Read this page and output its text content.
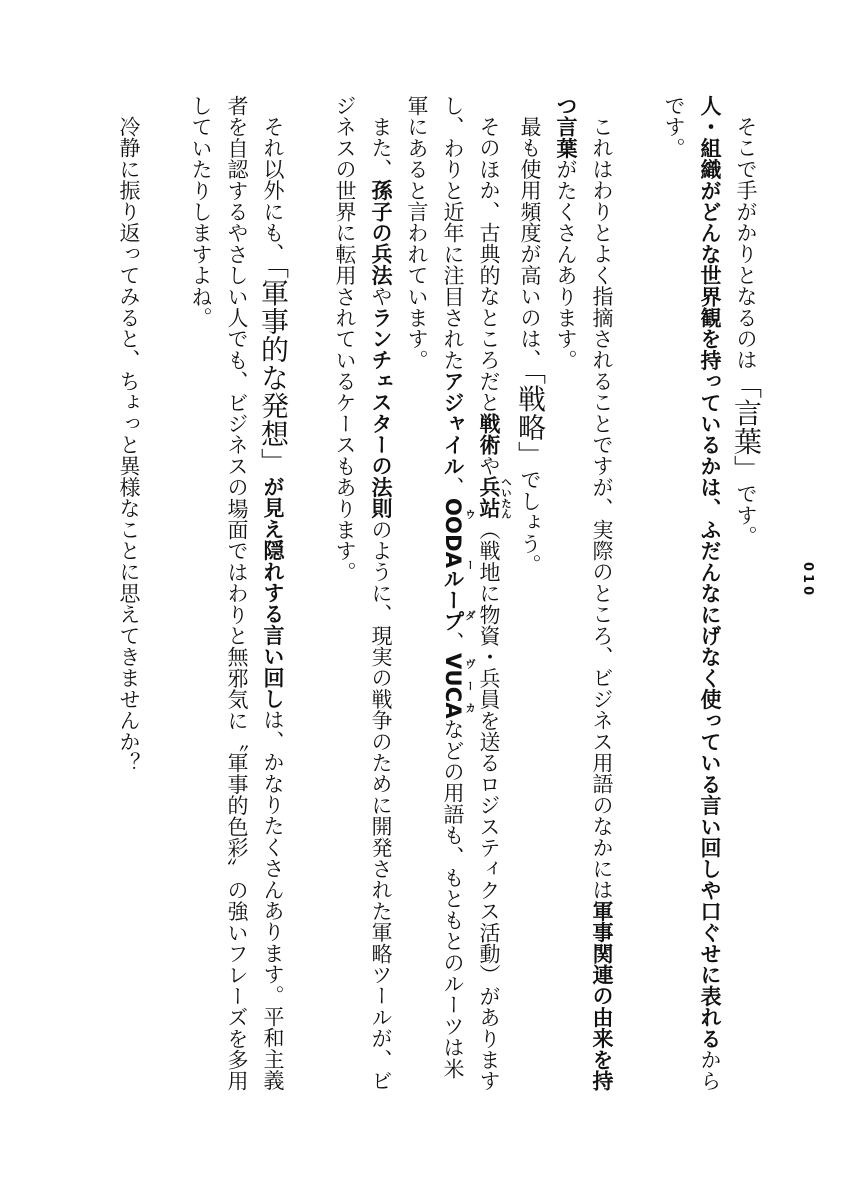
010

そこで手がかりとなるのは「言葉」です。
人・組織がどんな世界観を持っているかは、ふだんなにげなく使っている言い回しや口ぐせに表れるからです。

これはわりとよく指摘されることですが、実際のところ、ビジネス用語のなかには軍事関連の由来を持つ言葉がたくさんあります。

最も使用頻度が高いのは、「戦略」でしょう。

そのほか、古典的なところだと戦術や兵站 へいたん（戦地に物資・兵員を送るロジスティクス活動）がありますし、わりと近年に注目されたアジャイル、OODAループ ウーダ、VUCA ヴーカなどの用語も、もともとのルーツは米軍にあると言われています。

また、孫子の兵法やランチェスターの法則のように、現実の戦争のために開発された軍略ツールが、ビジネスの世界に転用されているケースもあります。

それ以外にも、「軍事的な発想」が見え隠れする言い回しは、かなりたくさんあります。平和主義者を自認するやさしい人でも、ビジネスの場面ではわりと無邪気に〝軍事的色彩〟の強いフレーズを多用していたりしますよね。

冷静に振り返ってみると、ちょっと異様なことに思えてきませんか？
